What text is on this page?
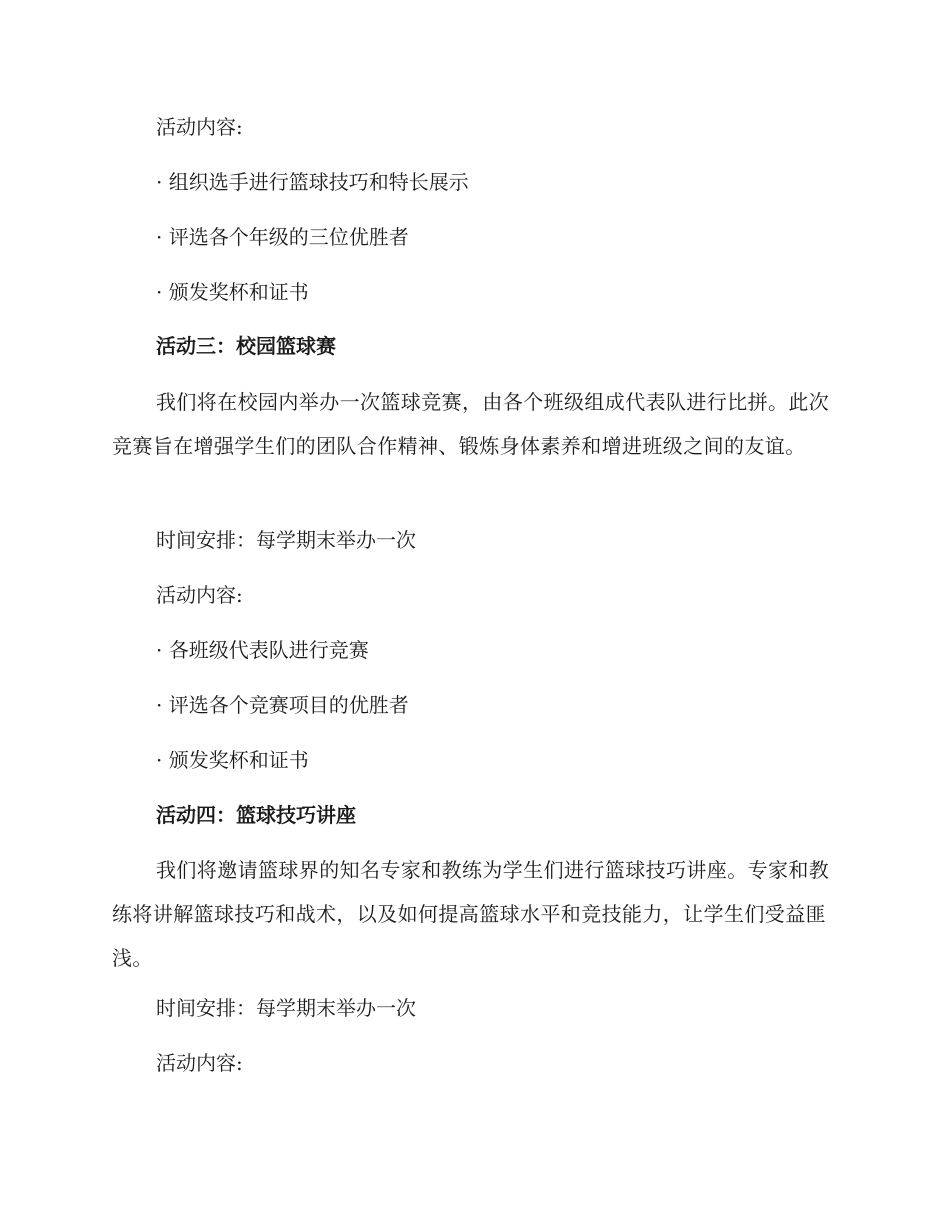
活动内容:
· 组织选手进行篮球技巧和特长展示
· 评选各个年级的三位优胜者
· 颁发奖杯和证书
活动三：校园篮球赛
我们将在校园内举办一次篮球竞赛，由各个班级组成代表队进行比拼。此次竞赛旨在增强学生们的团队合作精神、锻炼身体素养和增进班级之间的友谊。
时间安排：每学期末举办一次
活动内容:
· 各班级代表队进行竞赛
· 评选各个竞赛项目的优胜者
· 颁发奖杯和证书
活动四：篮球技巧讲座
我们将邀请篮球界的知名专家和教练为学生们进行篮球技巧讲座。专家和教练将讲解篮球技巧和战术，以及如何提高篮球水平和竞技能力，让学生们受益匪浅。
时间安排：每学期末举办一次
活动内容:
